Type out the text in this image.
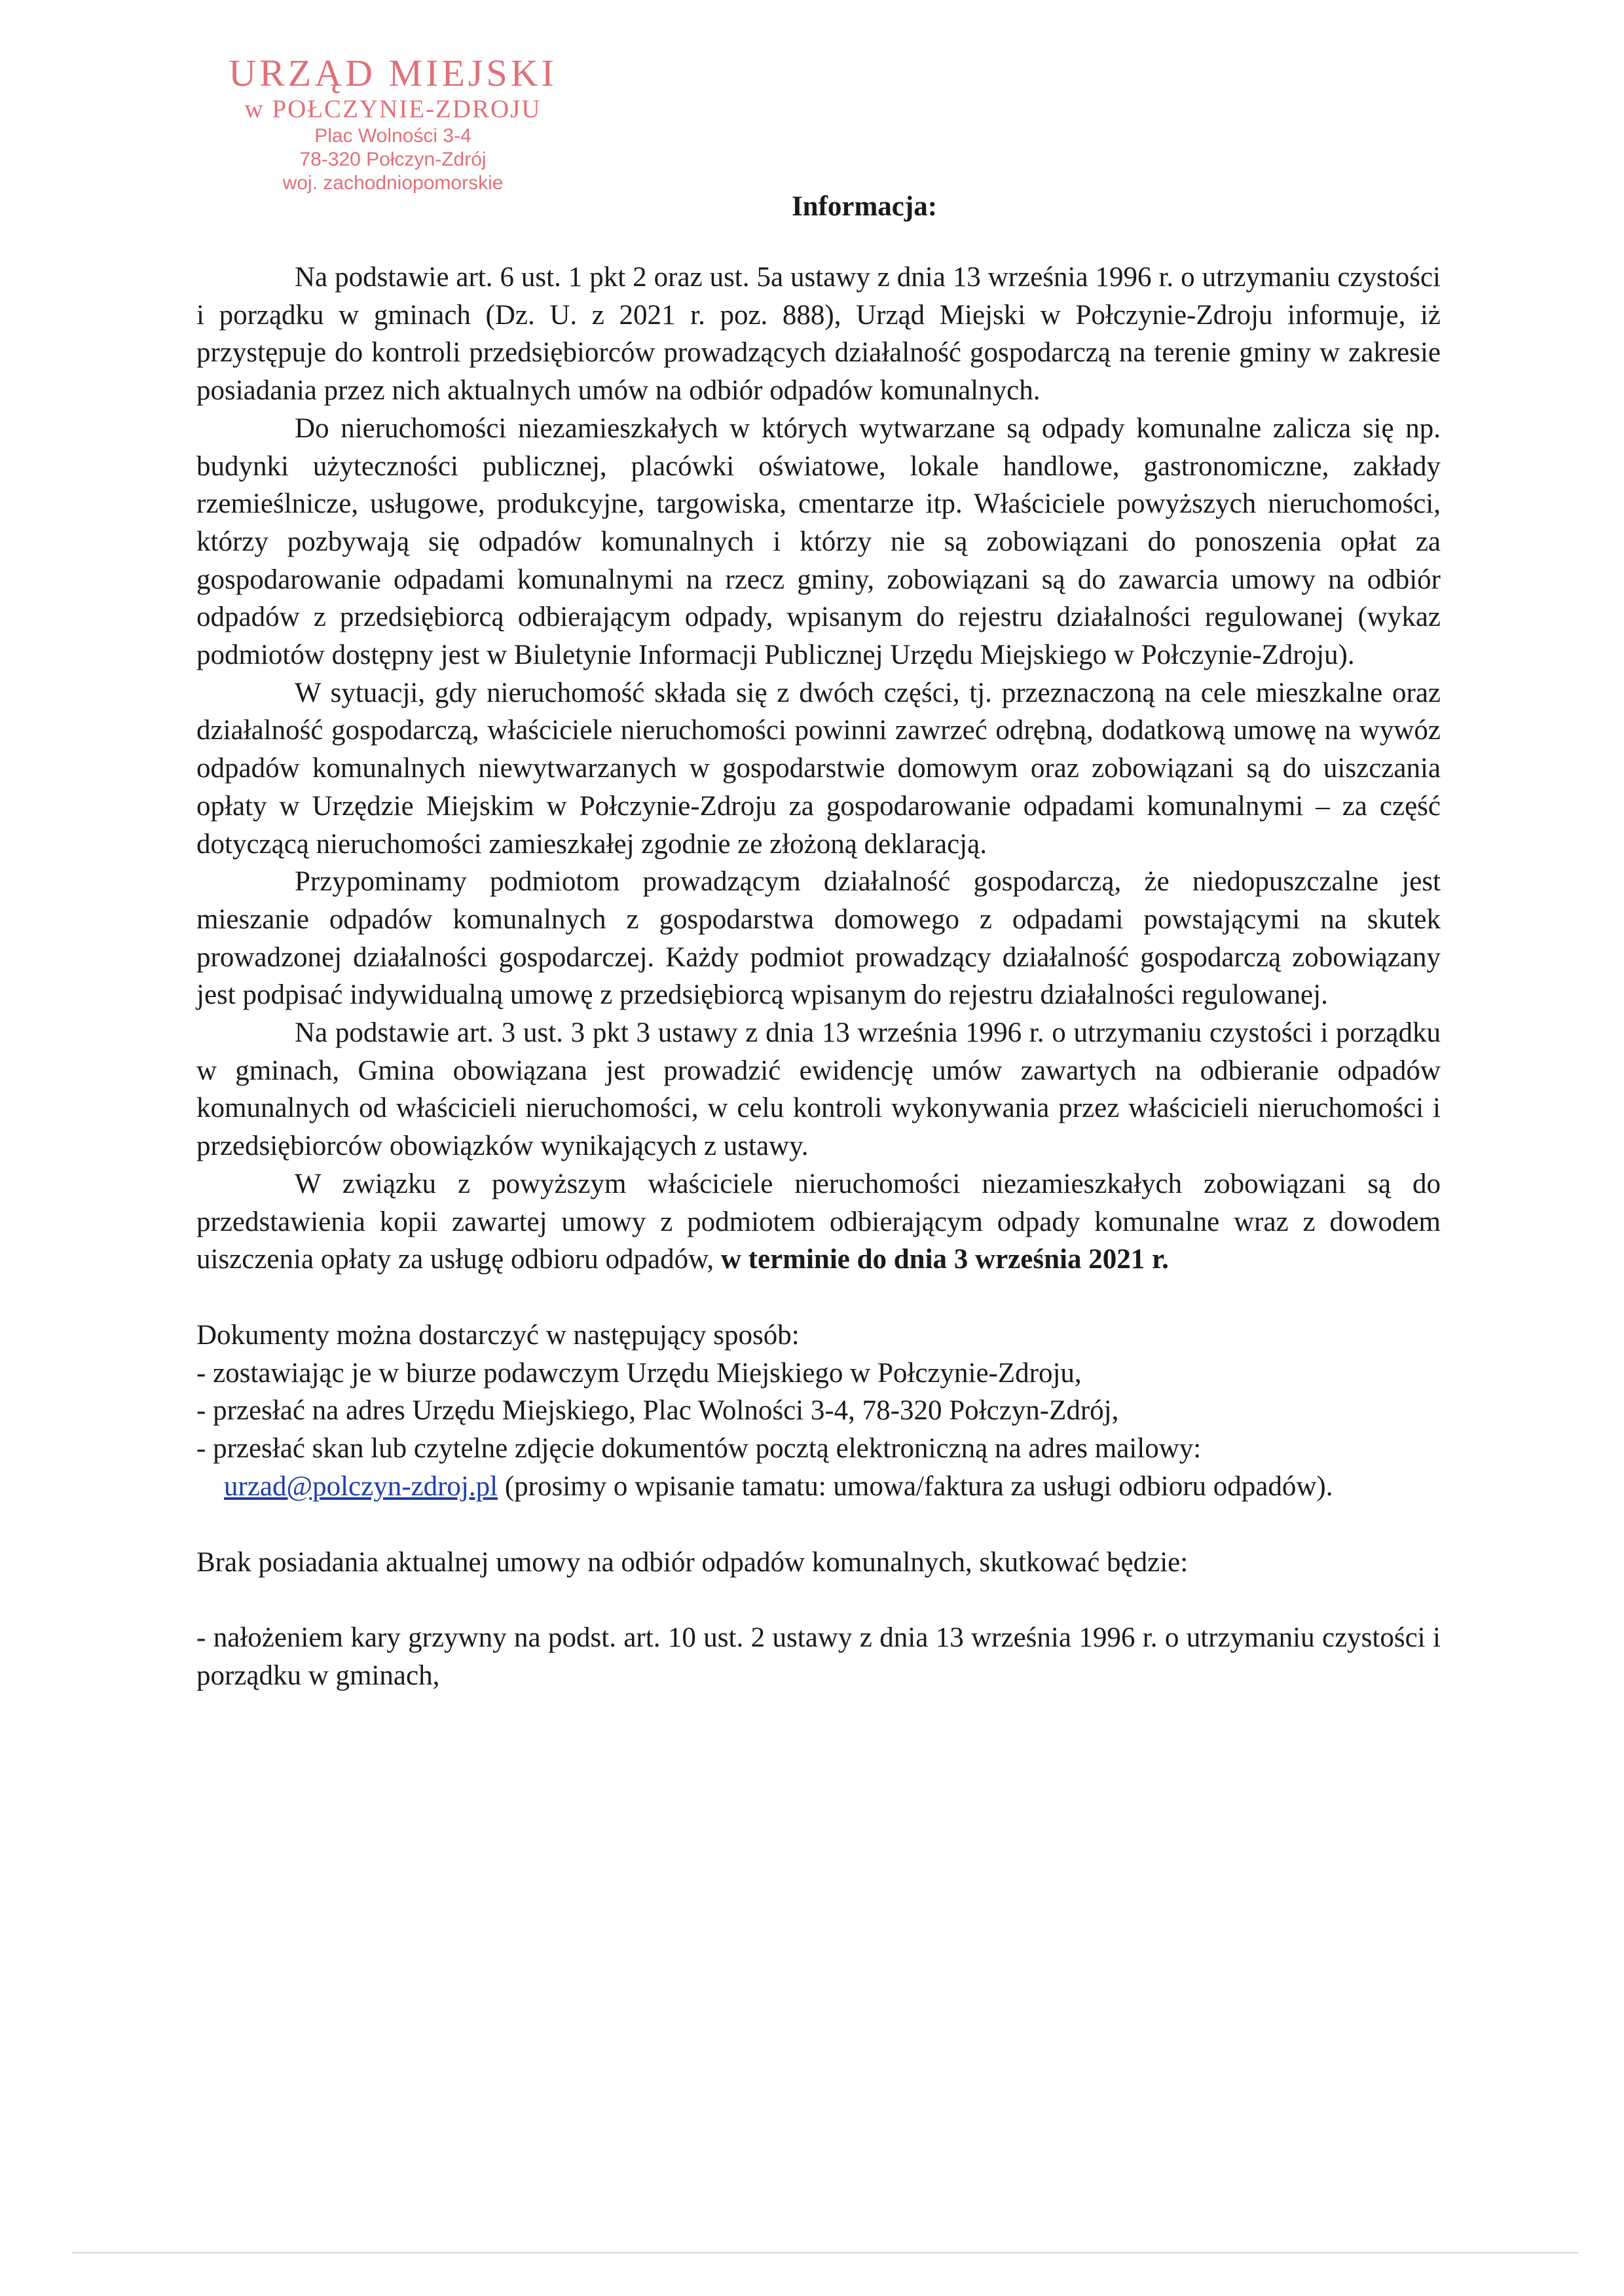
URZĄD MIEJSKI
w POŁCZYNIE-ZDROJU
Plac Wolności 3-4
78-320 Połczyn-Zdrój
woj. zachodniopomorskie
Informacja:

Na podstawie art. 6 ust. 1 pkt 2 oraz ust. 5a ustawy z dnia 13 września 1996 r. o utrzymaniu czystości i porządku w gminach (Dz. U. z 2021 r. poz. 888), Urząd Miejski w Połczynie-Zdroju informuje, iż przystępuje do kontroli przedsiębiorców prowadzących działalność gospodarczą na terenie gminy w zakresie posiadania przez nich aktualnych umów na odbiór odpadów komunalnych.

Do nieruchomości niezamieszkałych w których wytwarzane są odpady komunalne zalicza się np. budynki użyteczności publicznej, placówki oświatowe, lokale handlowe, gastronomiczne, zakłady rzemieślnicze, usługowe, produkcyjne, targowiska, cmentarze itp. Właściciele powyższych nieruchomości, którzy pozbywają się odpadów komunalnych i którzy nie są zobowiązani do ponoszenia opłat za gospodarowanie odpadami komunalnymi na rzecz gminy, zobowiązani są do zawarcia umowy na odbiór odpadów z przedsiębiorcą odbierającym odpady, wpisanym do rejestru działalności regulowanej (wykaz podmiotów dostępny jest w Biuletynie Informacji Publicznej Urzędu Miejskiego w Połczynie-Zdroju).

W sytuacji, gdy nieruchomość składa się z dwóch części, tj. przeznaczoną na cele mieszkalne oraz działalność gospodarczą, właściciele nieruchomości powinni zawrzeć odrębną, dodatkową umowę na wywóz odpadów komunalnych niewytwarzanych w gospodarstwie domowym oraz zobowiązani są do uiszczania opłaty w Urzędzie Miejskim w Połczynie-Zdroju za gospodarowanie odpadami komunalnymi – za część dotyczącą nieruchomości zamieszkałej zgodnie ze złożoną deklaracją.

Przypominamy podmiotom prowadzącym działalność gospodarczą, że niedopuszczalne jest mieszanie odpadów komunalnych z gospodarstwa domowego z odpadami powstającymi na skutek prowadzonej działalności gospodarczej. Każdy podmiot prowadzący działalność gospodarczą zobowiązany jest podpisać indywidualną umowę z przedsiębiorcą wpisanym do rejestru działalności regulowanej.

Na podstawie art. 3 ust. 3 pkt 3 ustawy z dnia 13 września 1996 r. o utrzymaniu czystości i porządku w gminach, Gmina obowiązana jest prowadzić ewidencję umów zawartych na odbieranie odpadów komunalnych od właścicieli nieruchomości, w celu kontroli wykonywania przez właścicieli nieruchomości i przedsiębiorców obowiązków wynikających z ustawy.

W związku z powyższym właściciele nieruchomości niezamieszkałych zobowiązani są do przedstawienia kopii zawartej umowy z podmiotem odbierającym odpady komunalne wraz z dowodem uiszczenia opłaty za usługę odbioru odpadów, w terminie do dnia 3 września 2021 r.

Dokumenty można dostarczyć w następujący sposób:

- zostawiając je w biurze podawczym Urzędu Miejskiego w Połczynie-Zdroju,

- przesłać na adres Urzędu Miejskiego, Plac Wolności 3-4, 78-320 Połczyn-Zdrój,

- przesłać skan lub czytelne zdjęcie dokumentów pocztą elektroniczną na adres mailowy:

urzad@polczyn-zdroj.pl (prosimy o wpisanie tamatu: umowa/faktura za usługi odbioru odpadów).

Brak posiadania aktualnej umowy na odbiór odpadów komunalnych, skutkować będzie:

- nałożeniem kary grzywny na podst. art. 10 ust. 2 ustawy z dnia 13 września 1996 r. o utrzymaniu czystości i porządku w gminach,
